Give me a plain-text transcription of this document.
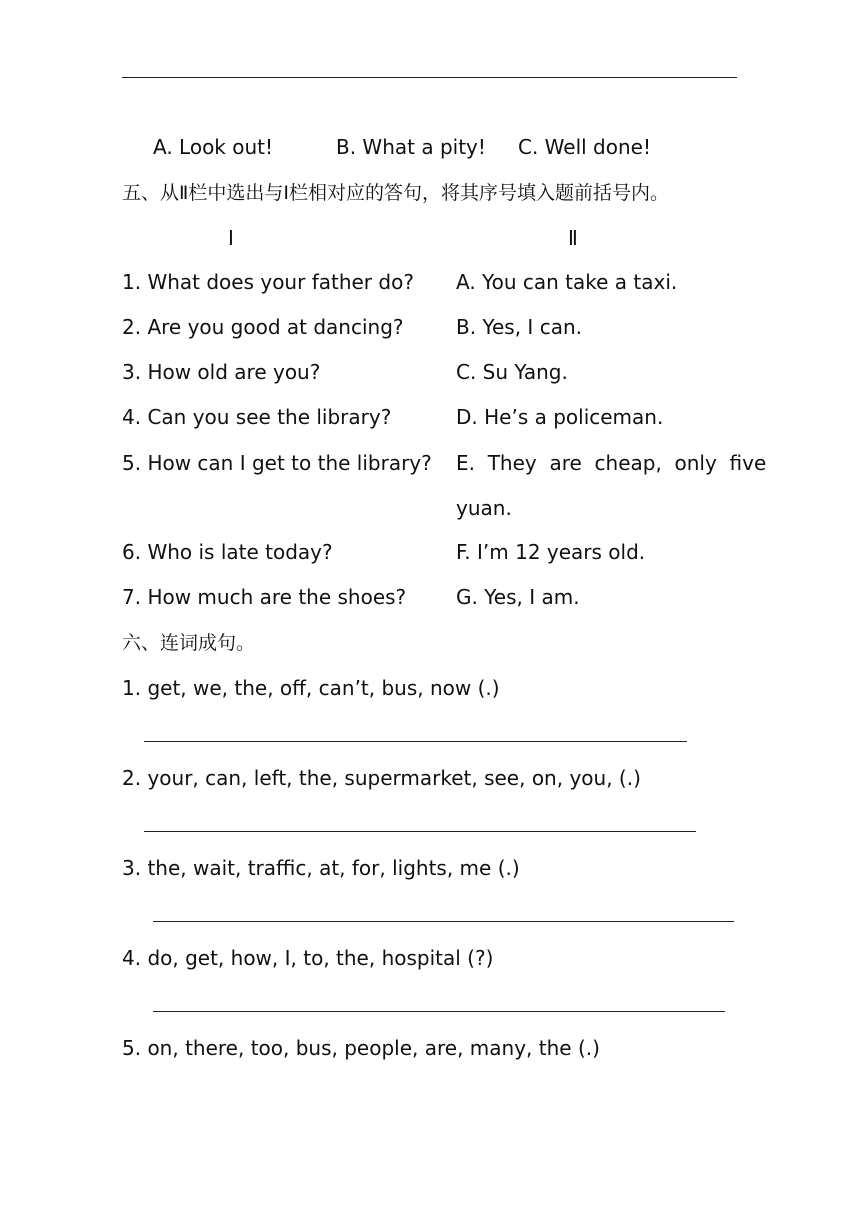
A. Look out!	B. What a pity! C. Well done!
五、从Ⅱ栏中选出与Ⅰ栏相对应的答句，将其序号填入题前括号内。
Ⅰ	Ⅱ
1. What does your father do?
2. Are you good at dancing?
3. How old are you?
4. Can you see the library?
5. How can I get to the library?
6. Who is late today?
7. How much are the shoes?
A. You can take a taxi.
B. Yes, I can.
C. Su Yang.
D. He’s a policeman.
E.  They  are  cheap,  only  five
yuan.
F. I’m 12 years old.
G. Yes, I am.
六、连词成句。
1. get, we, the, off, can’t, bus, now (.)
2. your, can, left, the, supermarket, see, on, you, (.)
3. the, wait, traffic, at, for, lights, me (.)
4. do, get, how, I, to, the, hospital (?)
5. on, there, too, bus, people, are, many, the (.)
